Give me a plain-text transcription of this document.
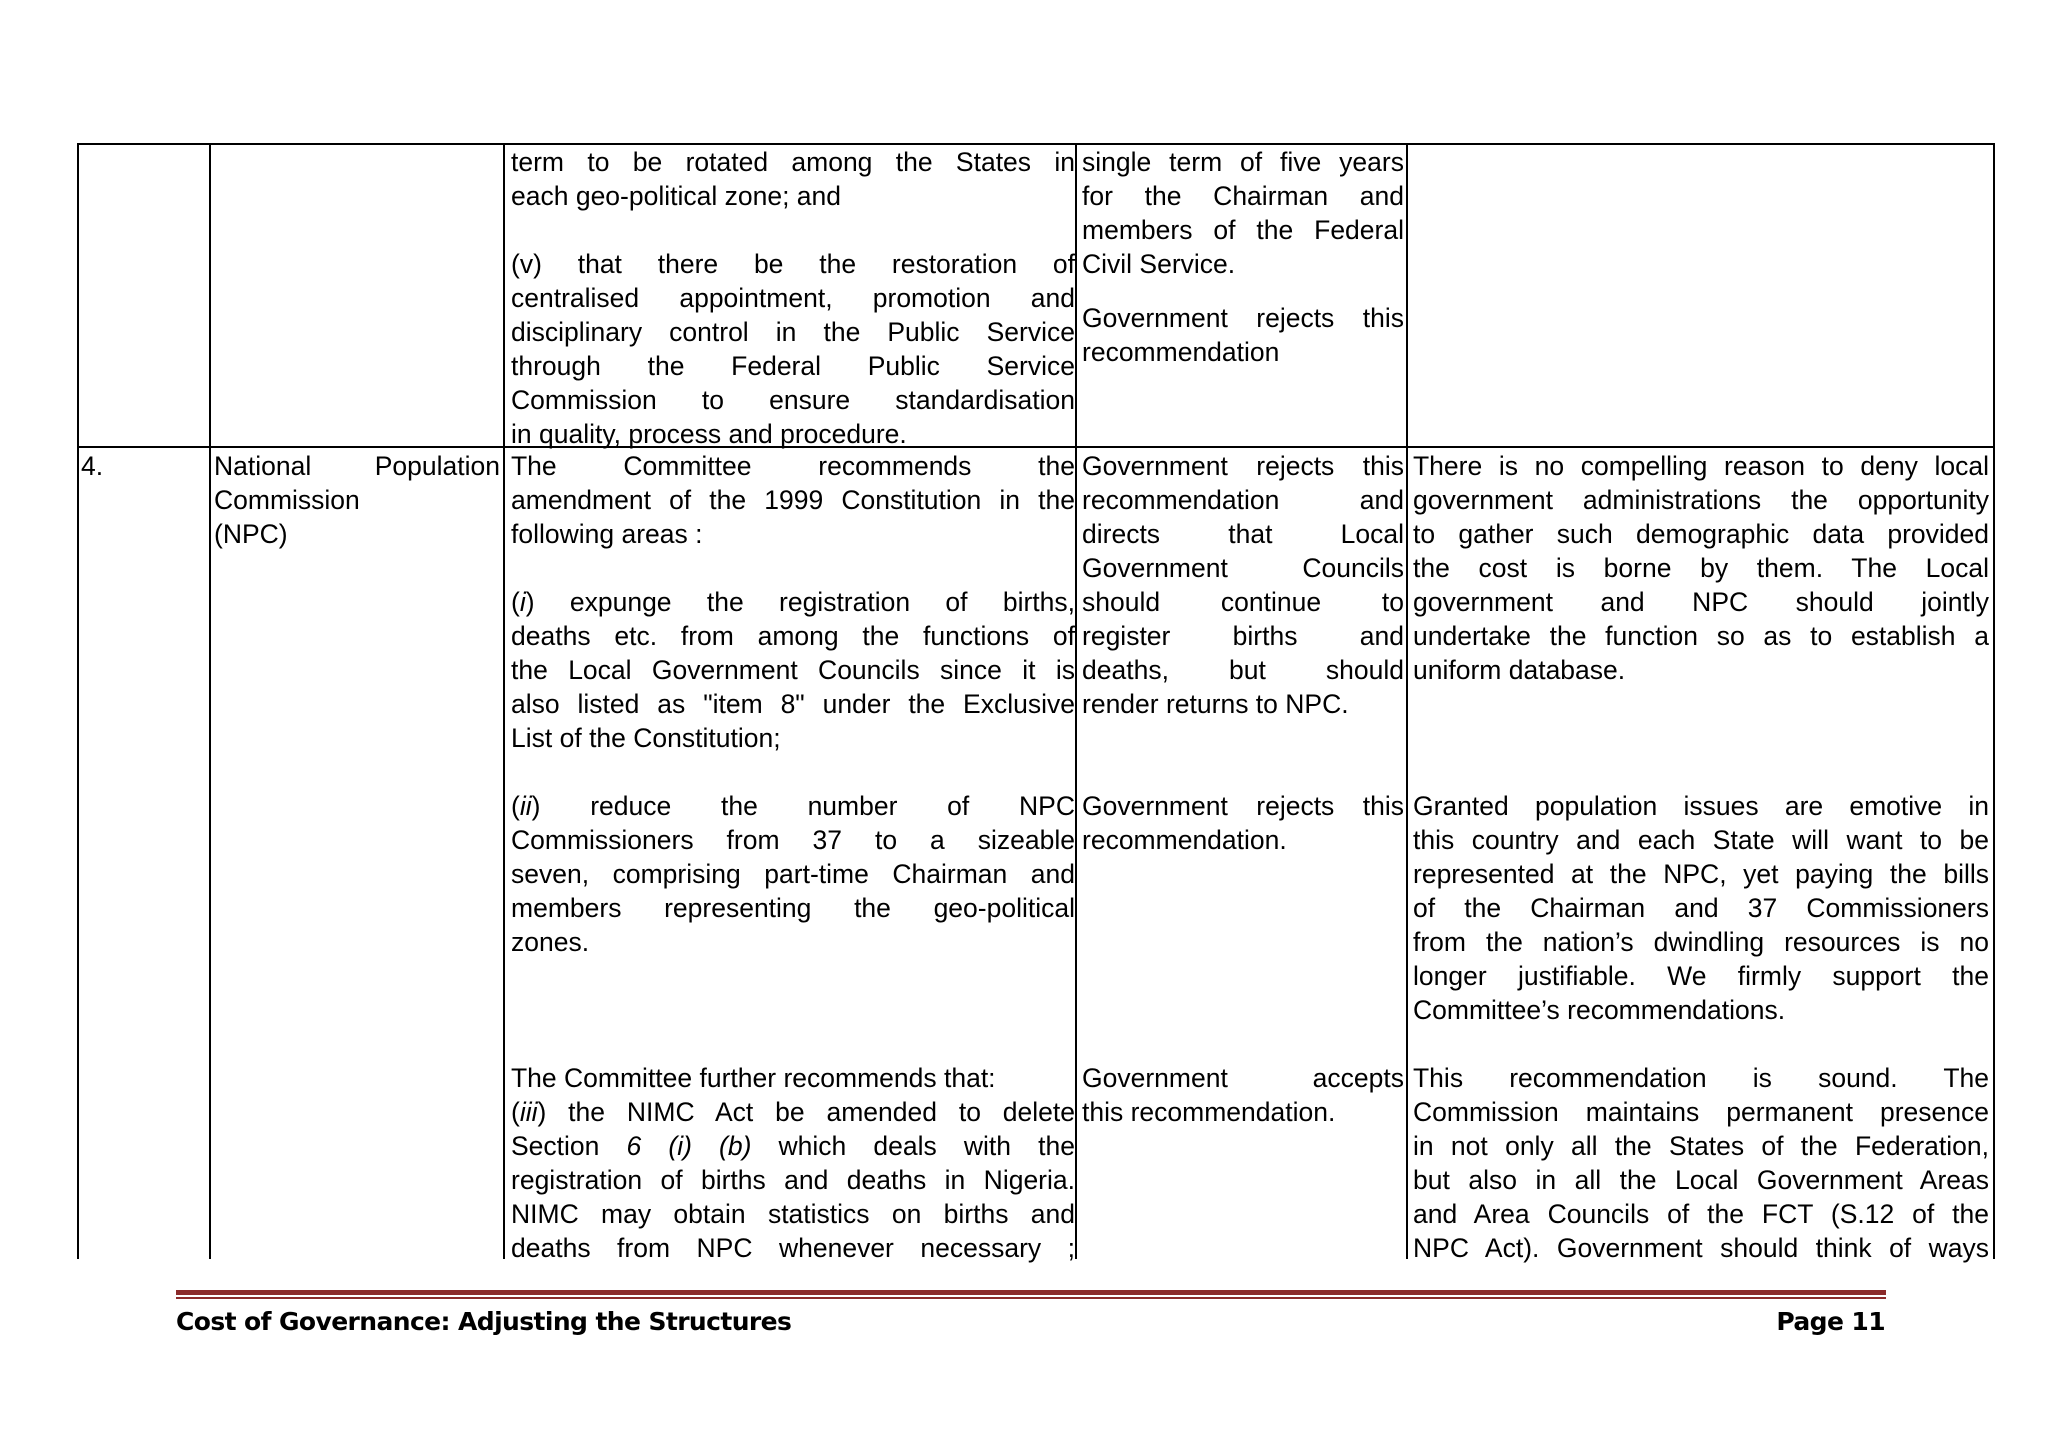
term to be rotated among the States in

each geo-political zone; and

(v) that there be the restoration of

centralised appointment, promotion and

disciplinary control in the Public Service

through the Federal Public Service

Commission to ensure standardisation

in quality, process and procedure.

single term of five years

for the Chairman and

members of the Federal

Civil Service.

Government rejects this

recommendation

4.	National Population

Commission

(NPC)

The Committee recommends the

amendment of the 1999 Constitution in the

following areas :

(i) expunge the registration of births,

deaths etc. from among the functions of

the Local Government Councils since it is

also listed as "item 8" under the Exclusive

List of the Constitution;

(ii) reduce the number of NPC

Commissioners from 37 to a sizeable

seven, comprising part-time Chairman and

members representing the geo-political

zones.

The Committee further recommends that:

(iii) the NIMC Act be amended to delete

Section 6 (i) (b) which deals with the

registration of births and deaths in Nigeria.

NIMC may obtain statistics on births and

deaths from NPC whenever necessary ;

Government rejects this

recommendation and

directs that Local

Government Councils

should continue to

register births and

deaths, but should

render returns to NPC.

Government rejects this

recommendation.

Government accepts

this recommendation.

There is no compelling reason to deny local

government administrations the opportunity

to gather such demographic data provided

the cost is borne by them. The Local

government and NPC should jointly

undertake the function so as to establish a

uniform database.

Granted population issues are emotive in

this country and each State will want to be

represented at the NPC, yet paying the bills

of the Chairman and 37 Commissioners

from the nation’s dwindling resources is no

longer justifiable. We firmly support the

Committee’s recommendations.

This recommendation is sound. The

Commission maintains permanent presence

in not only all the States of the Federation,

but also in all the Local Government Areas

and Area Councils of the FCT (S.12 of the

NPC Act). Government should think of ways

Cost of Governance: Adjusting the Structures	Page 11
